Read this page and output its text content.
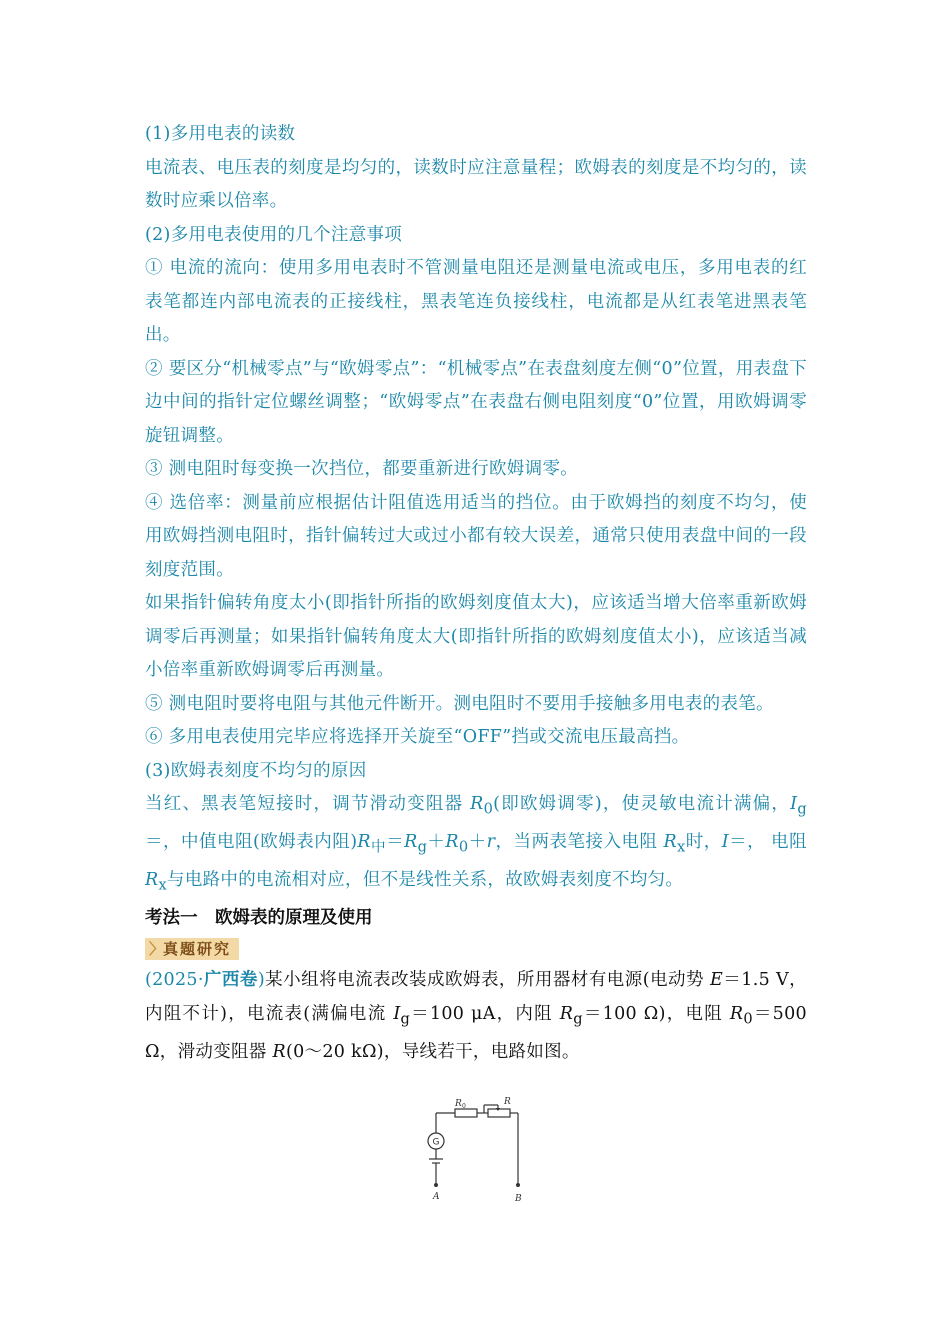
(1)多用电表的读数

电流表、电压表的刻度是均匀的，读数时应注意量程；欧姆表的刻度是不均匀的，读数时应乘以倍率。

(2)多用电表使用的几个注意事项

① 电流的流向：使用多用电表时不管测量电阻还是测量电流或电压，多用电表的红表笔都连内部电流表的正接线柱，黑表笔连负接线柱，电流都是从红表笔进黑表笔出。

② 要区分“机械零点”与“欧姆零点”：“机械零点”在表盘刻度左侧“0”位置，用表盘下边中间的指针定位螺丝调整；“欧姆零点”在表盘右侧电阻刻度“0”位置，用欧姆调零旋钮调整。

③ 测电阻时每变换一次挡位，都要重新进行欧姆调零。

④ 选倍率：测量前应根据估计阻值选用适当的挡位。由于欧姆挡的刻度不均匀，使用欧姆挡测电阻时，指针偏转过大或过小都有较大误差，通常只使用表盘中间的一段刻度范围。

如果指针偏转角度太小(即指针所指的欧姆刻度值太大)，应该适当增大倍率重新欧姆调零后再测量；如果指针偏转角度太大(即指针所指的欧姆刻度值太小)，应该适当减小倍率重新欧姆调零后再测量。

⑤ 测电阻时要将电阻与其他元件断开。测电阻时不要用手接触多用电表的表笔。

⑥ 多用电表使用完毕应将选择开关旋至“OFF”挡或交流电压最高挡。

(3)欧姆表刻度不均匀的原因

当红、黑表笔短接时，调节滑动变阻器 $R_0$(即欧姆调零)，使灵敏电流计满偏，$I_g=$，中值电阻(欧姆表内阻)$R_中=R_g+R_0+r$，当两表笔接入电阻 $R_x$时，I＝， 电阻 $R_x$与电路中的电流相对应，但不是线性关系，故欧姆表刻度不均匀。

考法一　欧姆表的原理及使用

〉
真题研究

(2025·广西卷)某小组将电流表改装成欧姆表，所用器材有电源(电动势 E＝1.5 V，内阻不计)，电流表(满偏电流 $I_g=100$ μA，内阻 $R_g=100$ Ω)，电阻 $R_0=500$ Ω，滑动变阻器 R(0～20 kΩ)，导线若干，电路如图。

R 0	R
G
A	B
